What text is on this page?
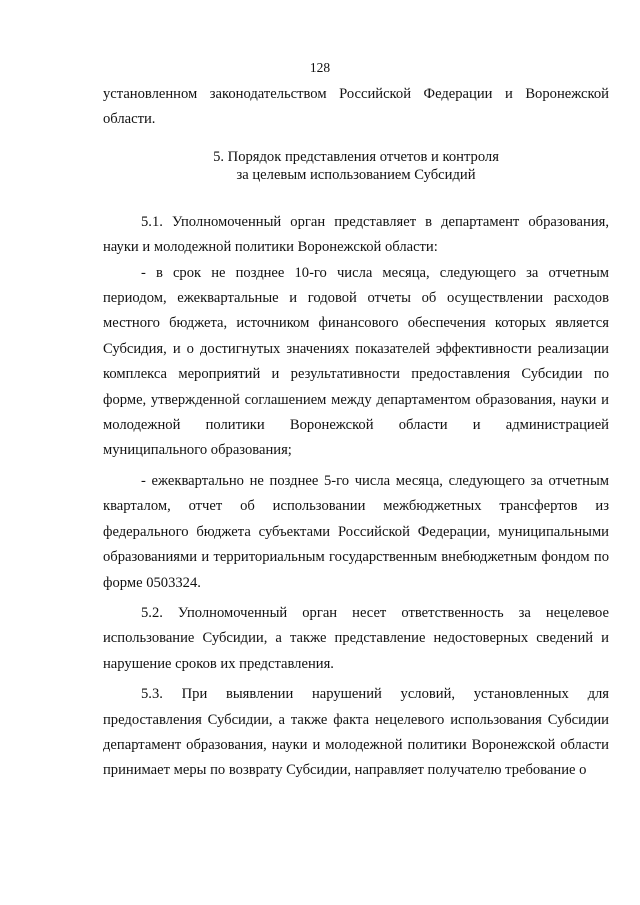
128

установленном законодательством Российской Федерации и Воронежской области.

5. Порядок представления отчетов и контроля

за целевым использованием Субсидий

5.1. Уполномоченный орган представляет в департамент образования, науки и молодежной политики Воронежской области:

- в срок не позднее 10-го числа месяца, следующего за отчетным периодом, ежеквартальные и годовой отчеты об осуществлении расходов местного бюджета, источником финансового обеспечения которых является Субсидия, и о достигнутых значениях показателей эффективности реализации комплекса мероприятий и результативности предоставления Субсидии по форме, утвержденной соглашением между департаментом образования, науки и молодежной политики Воронежской области и администрацией муниципального образования;

- ежеквартально не позднее 5-го числа месяца, следующего за отчетным кварталом, отчет об использовании межбюджетных трансфертов из федерального бюджета субъектами Российской Федерации, муниципальными образованиями и территориальным государственным внебюджетным фондом по форме 0503324.

5.2. Уполномоченный орган несет ответственность за нецелевое использование Субсидии, а также представление недостоверных сведений и нарушение сроков их представления.

5.3. При выявлении нарушений условий, установленных для предоставления Субсидии, а также факта нецелевого использования Субсидии департамент образования, науки и молодежной политики Воронежской области принимает меры по возврату Субсидии, направляет получателю требование о
